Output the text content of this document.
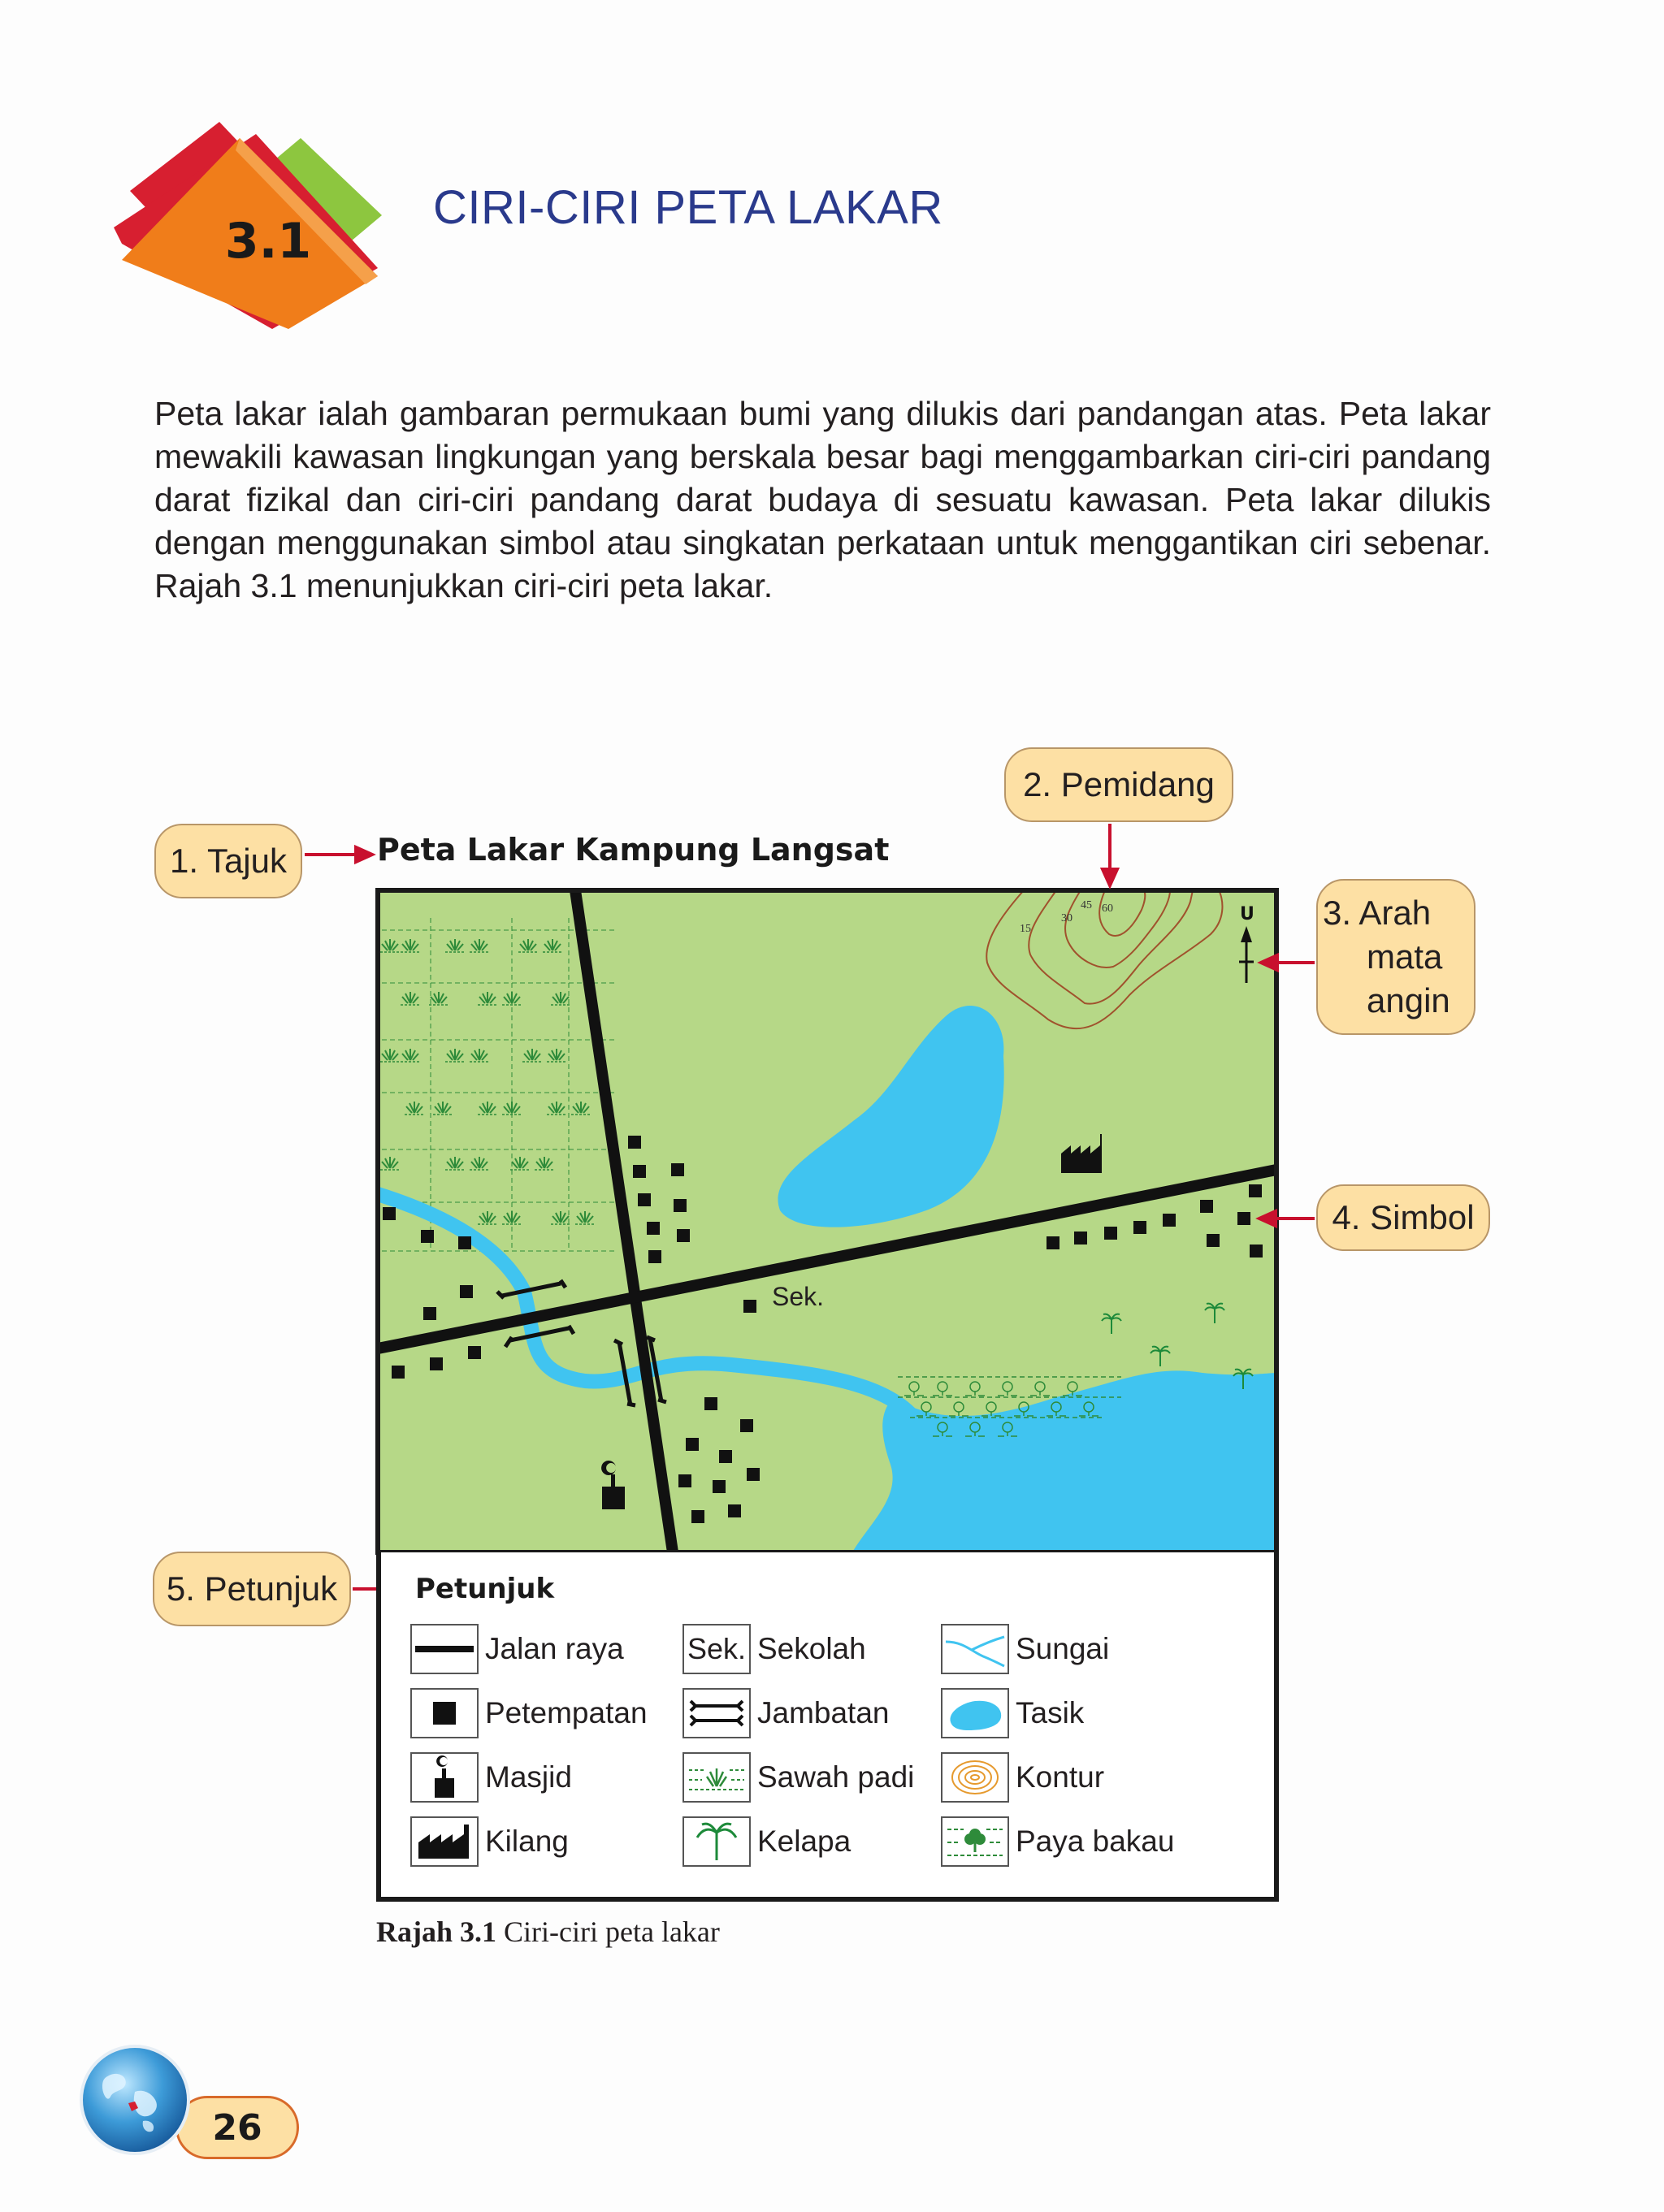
3.1
CIRI-CIRI PETA LAKAR
Peta lakar ialah gambaran permukaan bumi yang dilukis dari pandangan atas. Peta lakar mewakili kawasan lingkungan yang berskala besar bagi menggambarkan ciri-ciri pandang darat fizikal dan ciri-ciri pandang darat budaya di sesuatu kawasan. Peta lakar dilukis dengan menggunakan simbol atau singkatan perkataan untuk menggantikan ciri sebenar. Rajah 3.1 menunjukkan ciri-ciri peta lakar.
Peta Lakar Kampung Langsat
15
30
45 60	U
Sek.
1. Tajuk
2. Pemidang
3. Arah
mata
angin
4. Simbol
5. Petunjuk	Petunjuk
Jalan raya
Petempatan
Masjid
Kilang
Sek. Sekolah
Jambatan
Sawah padi
Kelapa
Sungai
Tasik
Kontur
Paya bakau
Rajah 3.1 Ciri-ciri peta lakar
26
